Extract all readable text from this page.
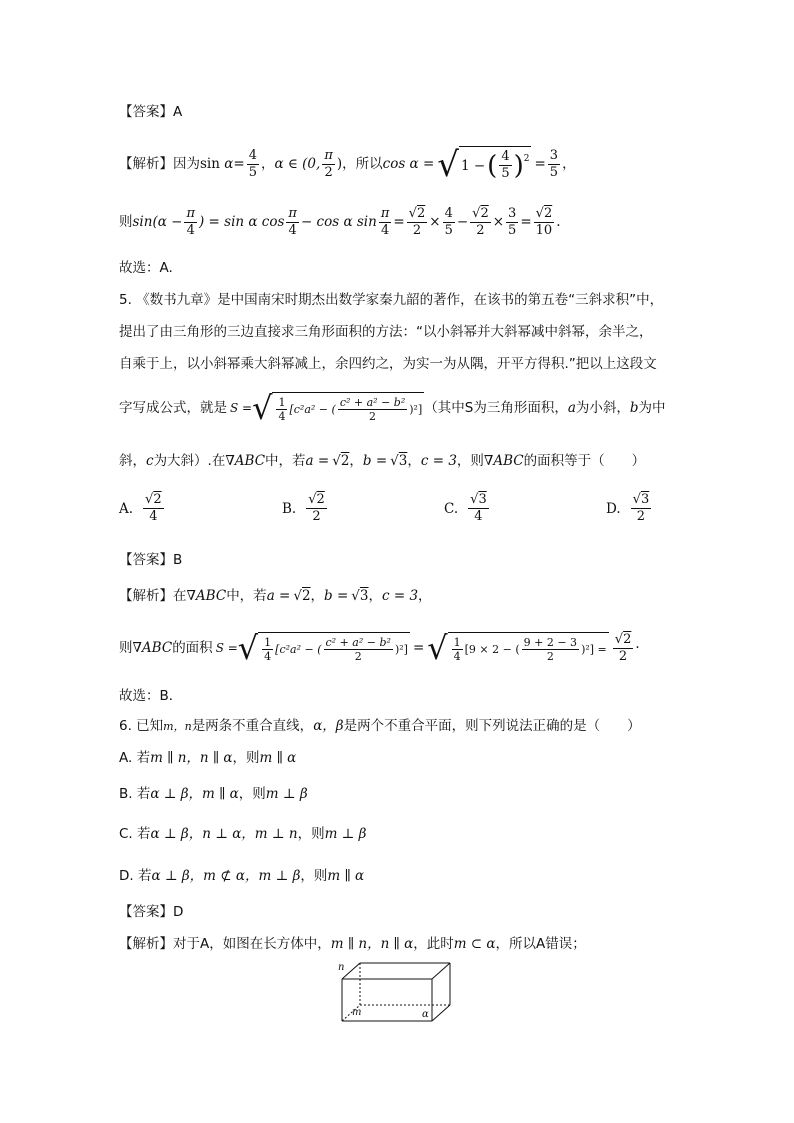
【答案】A
【解析】 因为 sin
$\alpha = \frac{4}{5}$ ， α ∈ (0, $\frac{\pi}{2}$ ) ，所以 cos α = √ 1 − ( $\frac{4}{5} )^2 = \frac{3}{5}$ ，
则 $\sin(\alpha - \frac{\pi}{4}$ ) = sin α $\cos \frac{\pi}{4} - \cos \alpha$ $\sin \frac{\pi}{4} = \frac{√2}{2} \times \frac{4}{5} - \frac{√2}{2} \times \frac{3}{5} = \frac{√2}{10}$ .
故选：A.
5. 《数书九章》是中国南宋时期杰出数学家秦九韶的著作，在该书的第五卷“三斜求积”中，
提出了由三角形的三边直接求三角形面积的方法：“以小斜幂并大斜幂减中斜幂，余半之，
自乘于上，以小斜幂乘大斜幂减上，余四约之，为实一为从隅，开平方得积.”把以上这段文
字写成公式，就是 S = √ $\frac{1}{4} [c^2a^2$ − ( $\frac{\text{c² + a² − b²}}{2} )^2$] （其中S为三角形面积， a 为小斜， b 为中
斜， c 为大斜）.在 ∇ABC 中，若 a = √2 ， b = √3 ， c = 3 ，则 ∇ABC 的面积等于（　　）
A. $\frac{√2}{4}$	B. $\frac{√2}{2}$	C. $\frac{√3}{4}$	D. $\frac{√3}{2}$
【答案】B
【解析】 在 ∇ABC 中，若 a = √2 ， b = √3 ， c = 3 ，
则 ∇ABC 的面积 S = √ $\frac{1}{4} [c^2a^2$ − ( $\frac{\text{c² + a² − b²}}{2} )^2$] = √ $\frac{1}{4} [9 \times 2$ − ( $\frac{9 + 2 - 3}{2} )^2] = \frac{√2}{2}$ ·
故选：B．
6. 已知m，n是两条不重合直线，α，β是两个不重合平面，则下列说法正确的是（　　）
A. 若m ∥ n，n ∥ α，则m ∥ α
B. 若α ⊥ β，m ∥ α，则m ⊥ β
C. 若α ⊥ β，n ⊥ α，m ⊥ n，则m ⊥ β
D. 若α ⊥ β，m ⊄ α，m ⊥ β，则m ∥ α
【答案】D
【解析】对于A，如图在长方体中，m ∥ n，n ∥ α，此时m ⊂ α，所以A错误；
n
m	α
